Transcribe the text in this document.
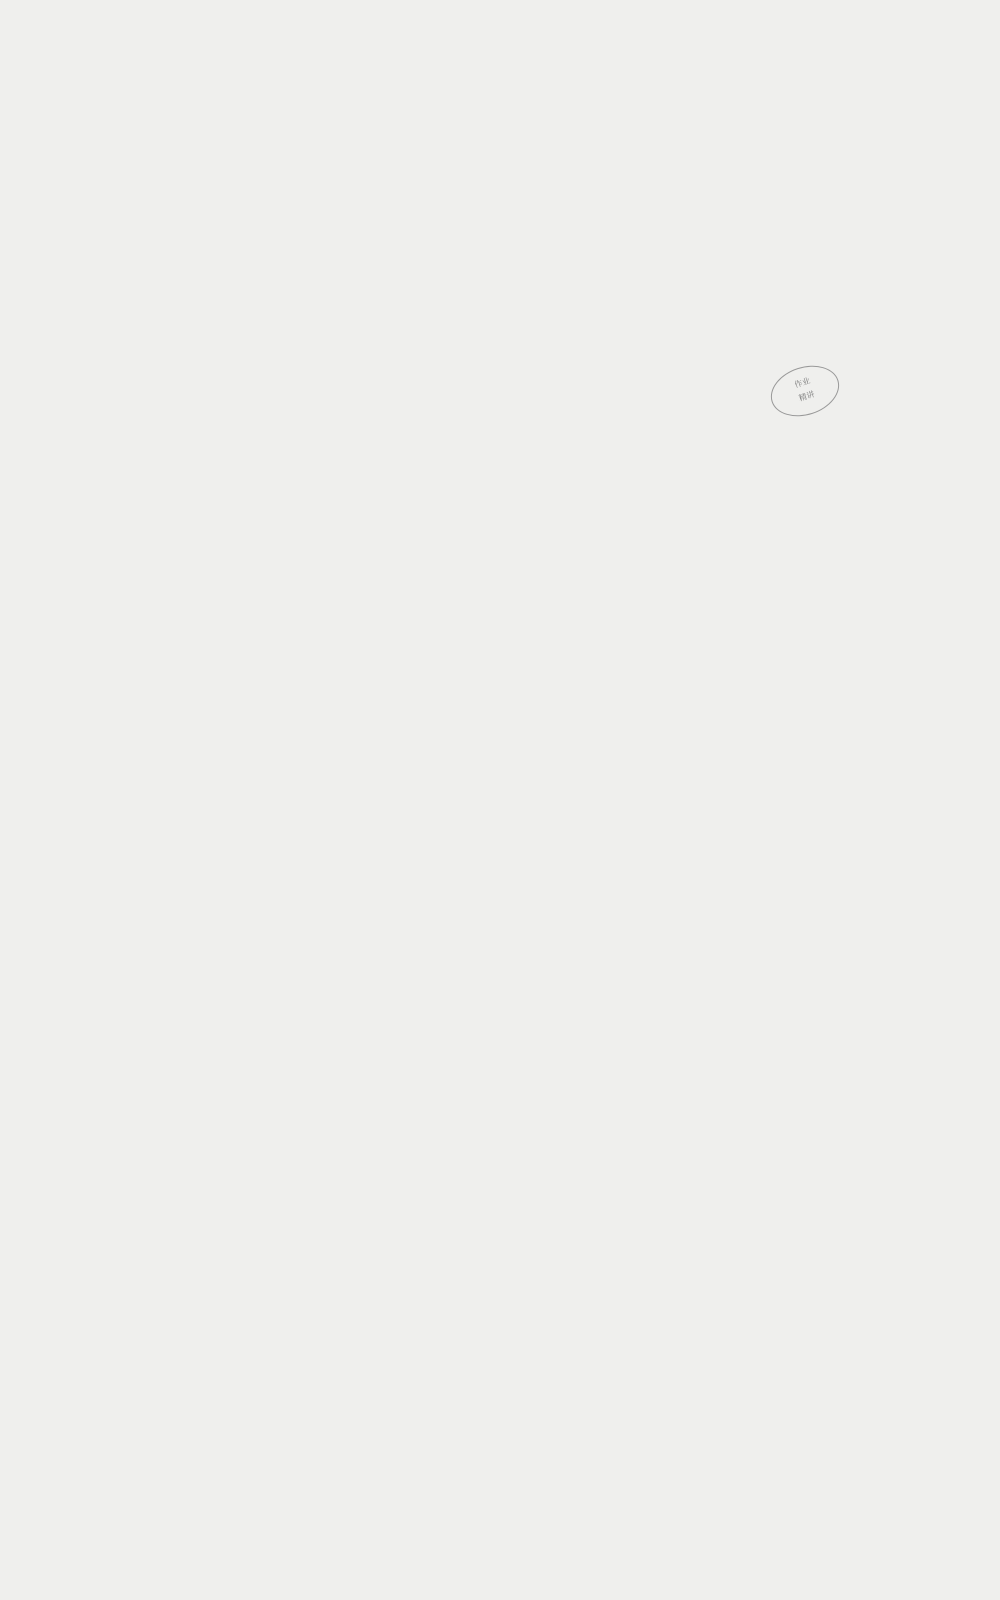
作业
精讲
